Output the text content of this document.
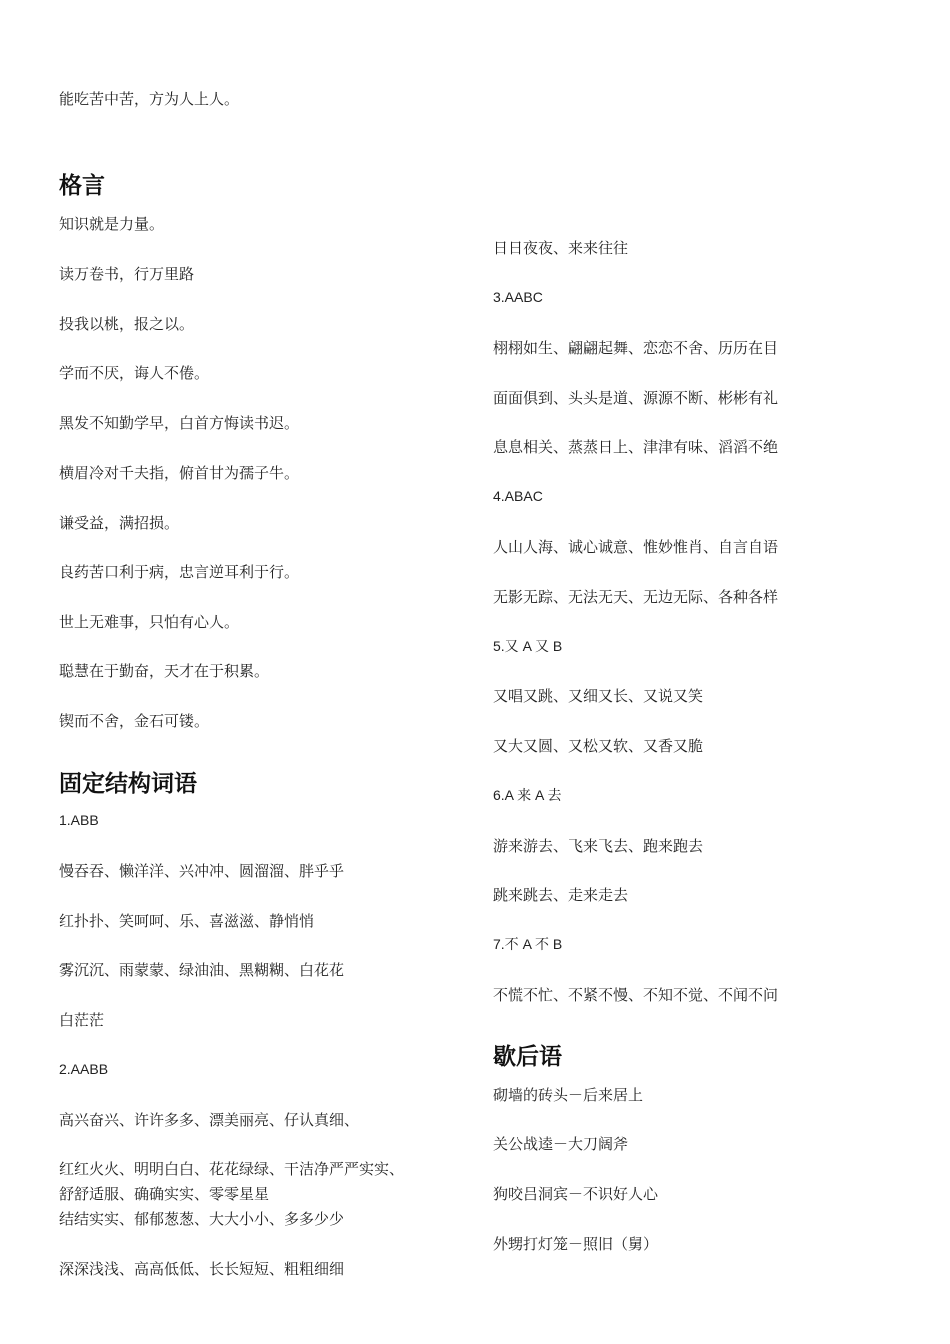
能吃苦中苦，方为人上人。
格言
知识就是力量。
读万卷书，行万里路
投我以桃，报之以。
学而不厌，诲人不倦。
黑发不知勤学早，白首方悔读书迟。
横眉冷对千夫指，俯首甘为孺子牛。
谦受益，满招损。
良药苦口利于病，忠言逆耳利于行。
世上无难事，只怕有心人。
聪慧在于勤奋，天才在于积累。
锲而不舍，金石可镂。
固定结构词语
1.ABB
慢吞吞、懒洋洋、兴冲冲、圆溜溜、胖乎乎
红扑扑、笑呵呵、乐、喜滋滋、静悄悄
雾沉沉、雨蒙蒙、绿油油、黑糊糊、白花花
白茫茫
2.AABB
高兴奋兴、许许多多、漂美丽亮、仔认真细、
红红火火、明明白白、花花绿绿、干洁净严严实实、
舒舒适服、确确实实、零零星星
结结实实、郁郁葱葱、大大小小、多多少少
深深浅浅、高高低低、长长短短、粗粗细细
日日夜夜、来来往往
3.AABC
栩栩如生、翩翩起舞、恋恋不舍、历历在目
面面俱到、头头是道、源源不断、彬彬有礼
息息相关、蒸蒸日上、津津有味、滔滔不绝
4.ABAC
人山人海、诚心诚意、惟妙惟肖、自言自语
无影无踪、无法无天、无边无际、各种各样
5.又 A 又 B
又唱又跳、又细又长、又说又笑
又大又圆、又松又软、又香又脆
6.A 来 A 去
游来游去、飞来飞去、跑来跑去
跳来跳去、走来走去
7.不 A 不 B
不慌不忙、不紧不慢、不知不觉、不闻不问
歇后语
砌墙的砖头－后来居上
关公战逵－大刀阔斧
狗咬吕洞宾－不识好人心
外甥打灯笼－照旧（舅）
